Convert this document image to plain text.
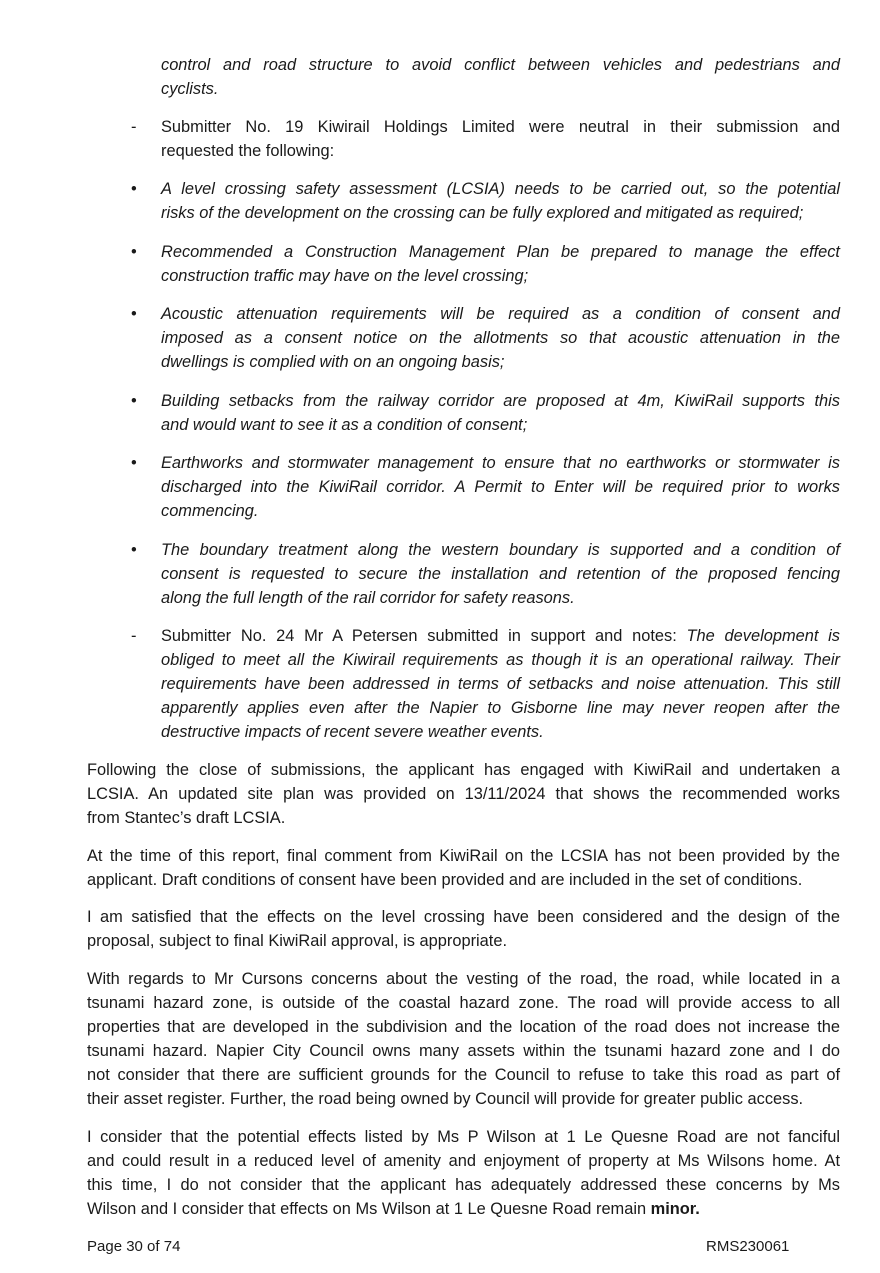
control and road structure to avoid conflict between vehicles and pedestrians and
cyclists.
- Submitter No. 19 Kiwirail Holdings Limited were neutral in their submission and
requested the following:
• A level crossing safety assessment (LCSIA) needs to be carried out, so the potential
risks of the development on the crossing can be fully explored and mitigated as required;
• Recommended a Construction Management Plan be prepared to manage the effect
construction traffic may have on the level crossing;
• Acoustic attenuation requirements will be required as a condition of consent and
imposed as a consent notice on the allotments so that acoustic attenuation in the
dwellings is complied with on an ongoing basis;
• Building setbacks from the railway corridor are proposed at 4m, KiwiRail supports this
and would want to see it as a condition of consent;
• Earthworks and stormwater management to ensure that no earthworks or stormwater is
discharged into the KiwiRail corridor. A Permit to Enter will be required prior to works
commencing.
• The boundary treatment along the western boundary is supported and a condition of
consent is requested to secure the installation and retention of the proposed fencing
along the full length of the rail corridor for safety reasons.
- Submitter No. 24 Mr A Petersen submitted in support and notes: The development is
obliged to meet all the Kiwirail requirements as though it is an operational railway. Their
requirements have been addressed in terms of setbacks and noise attenuation. This still
apparently applies even after the Napier to Gisborne line may never reopen after the
destructive impacts of recent severe weather events.
Following the close of submissions, the applicant has engaged with KiwiRail and undertaken a
LCSIA. An updated site plan was provided on 13/11/2024 that shows the recommended works
from Stantec’s draft LCSIA.
At the time of this report, final comment from KiwiRail on the LCSIA has not been provided by the
applicant. Draft conditions of consent have been provided and are included in the set of conditions.
I am satisfied that the effects on the level crossing have been considered and the design of the
proposal, subject to final KiwiRail approval, is appropriate.
With regards to Mr Cursons concerns about the vesting of the road, the road, while located in a
tsunami hazard zone, is outside of the coastal hazard zone. The road will provide access to all
properties that are developed in the subdivision and the location of the road does not increase the
tsunami hazard. Napier City Council owns many assets within the tsunami hazard zone and I do
not consider that there are sufficient grounds for the Council to refuse to take this road as part of
their asset register. Further, the road being owned by Council will provide for greater public access.
I consider that the potential effects listed by Ms P Wilson at 1 Le Quesne Road are not fanciful
and could result in a reduced level of amenity and enjoyment of property at Ms Wilsons home. At
this time, I do not consider that the applicant has adequately addressed these concerns by Ms
Wilson and I consider that effects on Ms Wilson at 1 Le Quesne Road remain minor.
Page 30 of 74	RMS230061
